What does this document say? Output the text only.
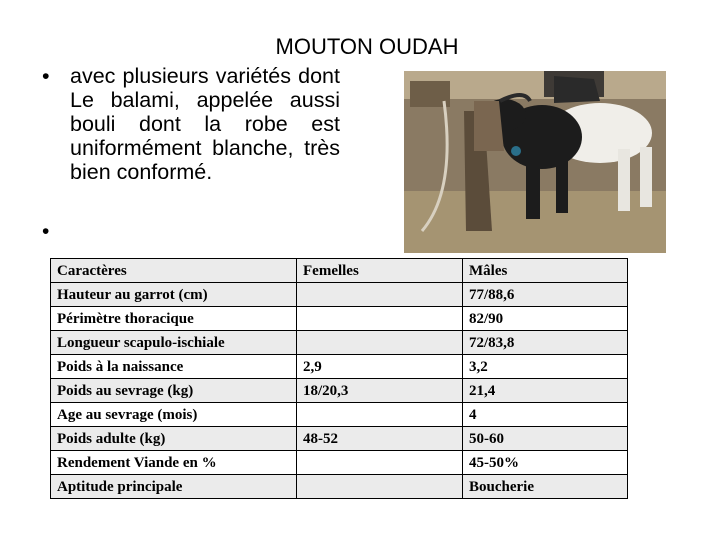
MOUTON OUDAH
• avec plusieurs variétés dont Le balami, appelée aussi bouli dont la robe est uniformément blanche, très bien conformé.
•
Caractères	Femelles	Mâles
Hauteur au garrot (cm)		77/88,6
Périmètre thoracique		82/90
Longueur scapulo-ischiale		72/83,8
Poids à la naissance	2,9	3,2
Poids au sevrage (kg)	18/20,3	21,4
Age au sevrage (mois)		4
Poids adulte (kg)	48-52	50-60
Rendement Viande en %		45-50%
Aptitude principale		Boucherie
